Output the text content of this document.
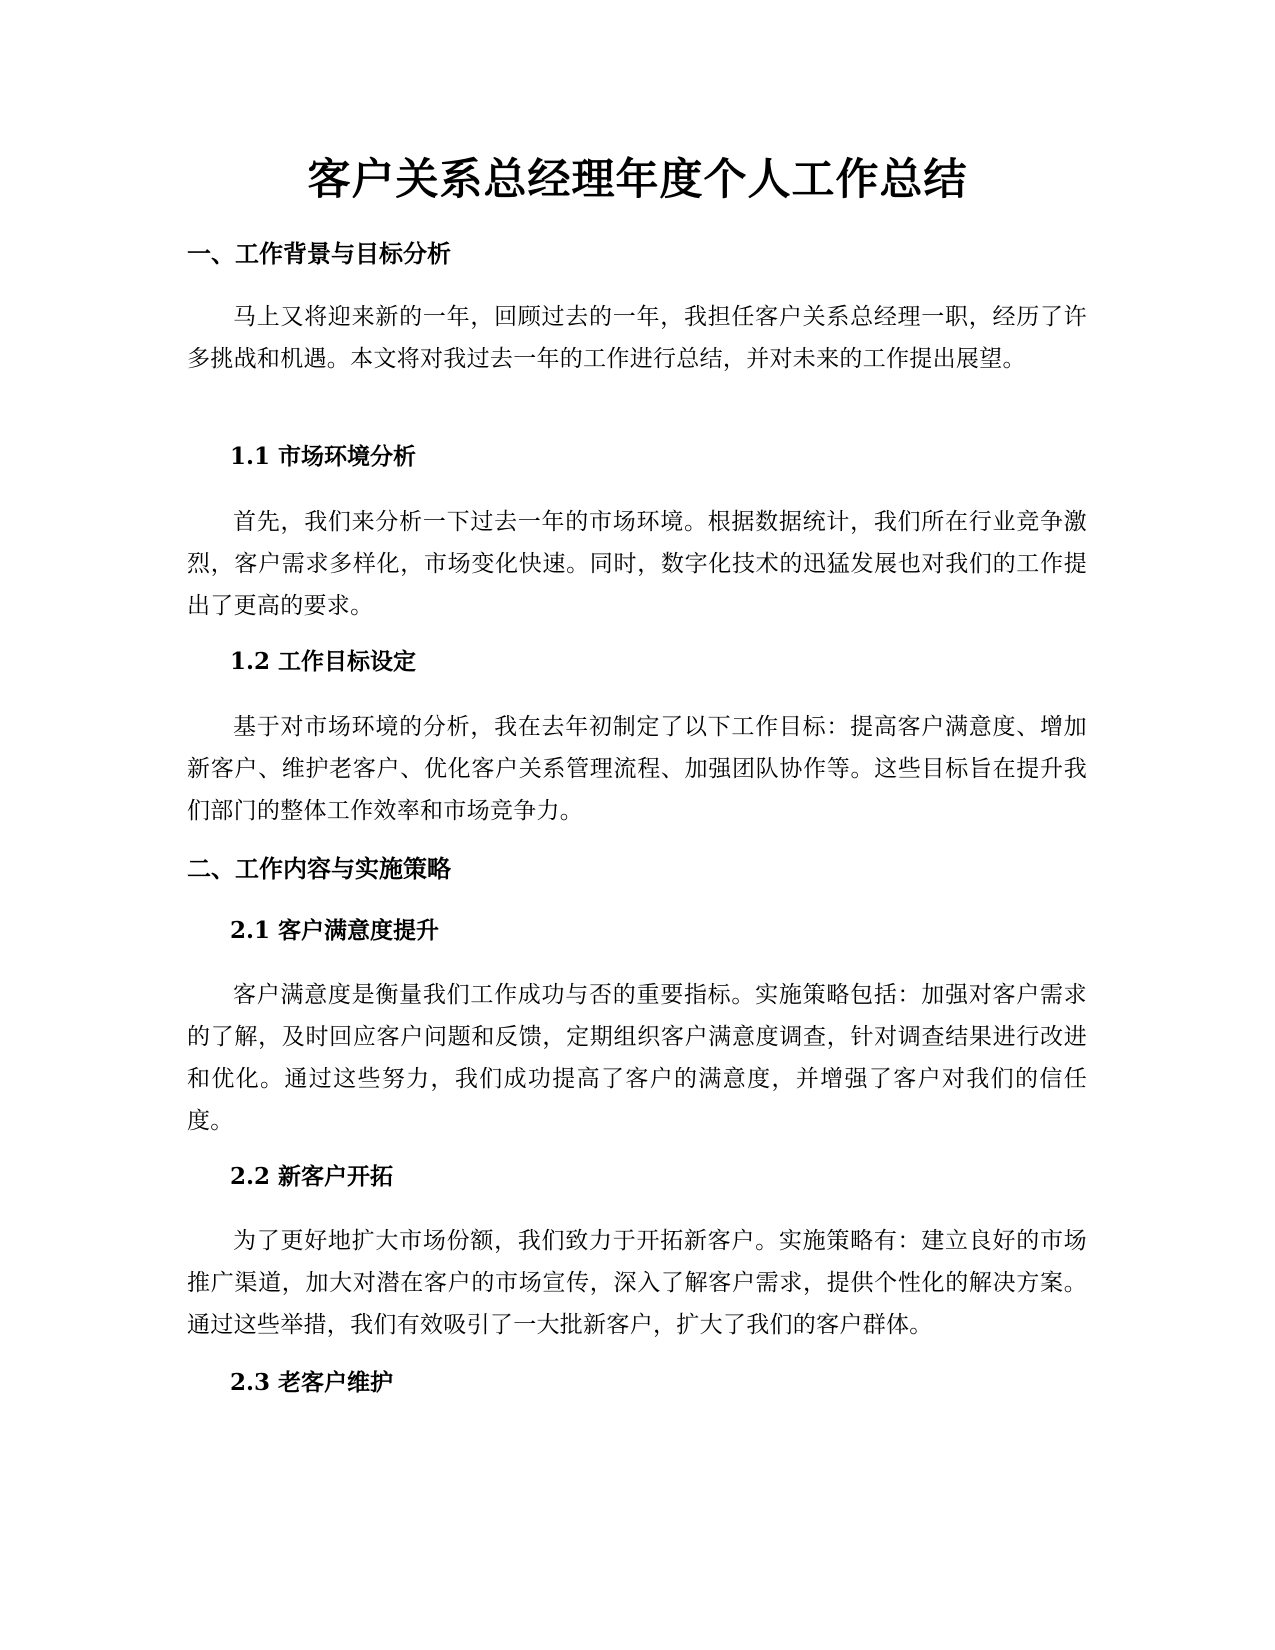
客户关系总经理年度个人工作总结
一、工作背景与目标分析

马上又将迎来新的一年，回顾过去的一年，我担任客户关系总经理一职，经历了许多挑战和机遇。本文将对我过去一年的工作进行总结，并对未来的工作提出展望。

1.1 市场环境分析

首先，我们来分析一下过去一年的市场环境。根据数据统计，我们所在行业竞争激烈，客户需求多样化，市场变化快速。同时，数字化技术的迅猛发展也对我们的工作提出了更高的要求。

1.2 工作目标设定

基于对市场环境的分析，我在去年初制定了以下工作目标：提高客户满意度、增加新客户、维护老客户、优化客户关系管理流程、加强团队协作等。这些目标旨在提升我们部门的整体工作效率和市场竞争力。

二、工作内容与实施策略
2.1 客户满意度提升

客户满意度是衡量我们工作成功与否的重要指标。实施策略包括：加强对客户需求的了解，及时回应客户问题和反馈，定期组织客户满意度调查，针对调查结果进行改进和优化。通过这些努力，我们成功提高了客户的满意度，并增强了客户对我们的信任度。

2.2 新客户开拓

为了更好地扩大市场份额，我们致力于开拓新客户。实施策略有：建立良好的市场推广渠道，加大对潜在客户的市场宣传，深入了解客户需求，提供个性化的解决方案。通过这些举措，我们有效吸引了一大批新客户，扩大了我们的客户群体。

2.3 老客户维护
